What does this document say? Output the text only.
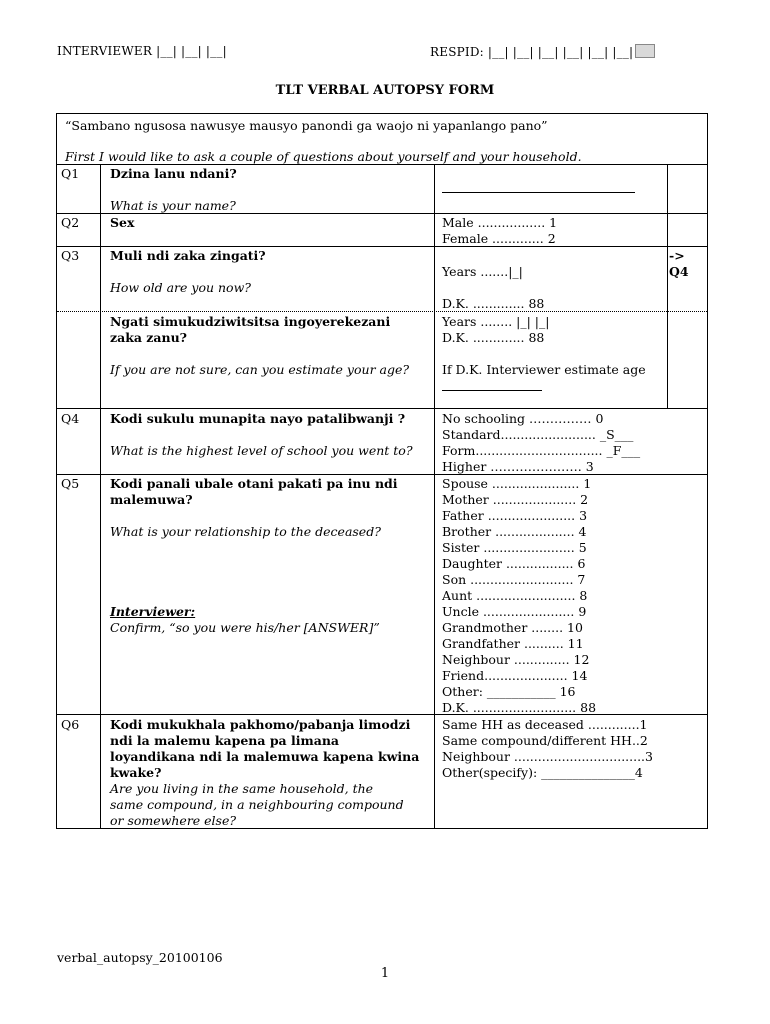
INTERVIEWER |__| |__| |__|	RESPID: |__| |__| |__| |__| |__| |__|
TLT VERBAL AUTOPSY FORM
“Sambano ngusosa nawusye mausyo panondi ga waojo ni yapanlango pano”
First I would like to ask a couple of questions about yourself and your household.
Q1 Dzina lanu ndani?
What is your name?
Q2 Sex	Male ................. 1
Female ............. 2
Q3 Muli ndi zaka zingati?
How old are you now?
Years .......|_|
D.K. ............. 88
-> Q4
Ngati simukudziwitsitsa ingoyerekezani zaka zanu?
If you are not sure, can you estimate your age?
Years ........ |_| |_|
D.K. ............. 88
If D.K. Interviewer estimate age
Q4 Kodi sukulu munapita nayo patalibwanji ?
What is the highest level of school you went to?
No schooling …………… 0
Standard........................ _S___
Form................................ _F___
Higher …………………. 3
Q5 Kodi panali ubale otani pakati pa inu ndi malemuwa?
What is your relationship to the deceased?
Interviewer:
Confirm, “so you were his/her [ANSWER]”
Spouse ...................... 1
Mother ..................... 2
Father ...................... 3
Brother .................... 4
Sister ....................... 5
Daughter ................. 6
Son .......................... 7
Aunt ......................... 8
Uncle ....................... 9
Grandmother ........ 10
Grandfather .......... 11
Neighbour .............. 12
Friend..................... 14
Other: ___________ 16
D.K. .......................... 88
Q6 Kodi mukukhala pakhomo/pabanja limodzi ndi la malemu kapena pa limana loyandikana ndi la malemuwa kapena kwina kwake?
Are you living in the same household, the same compound, in a neighbouring compound or somewhere else?
Same HH as deceased .............1
Same compound/different HH..2
Neighbour .................................3
Other(specify): _______________4
verbal_autopsy_20100106
1
